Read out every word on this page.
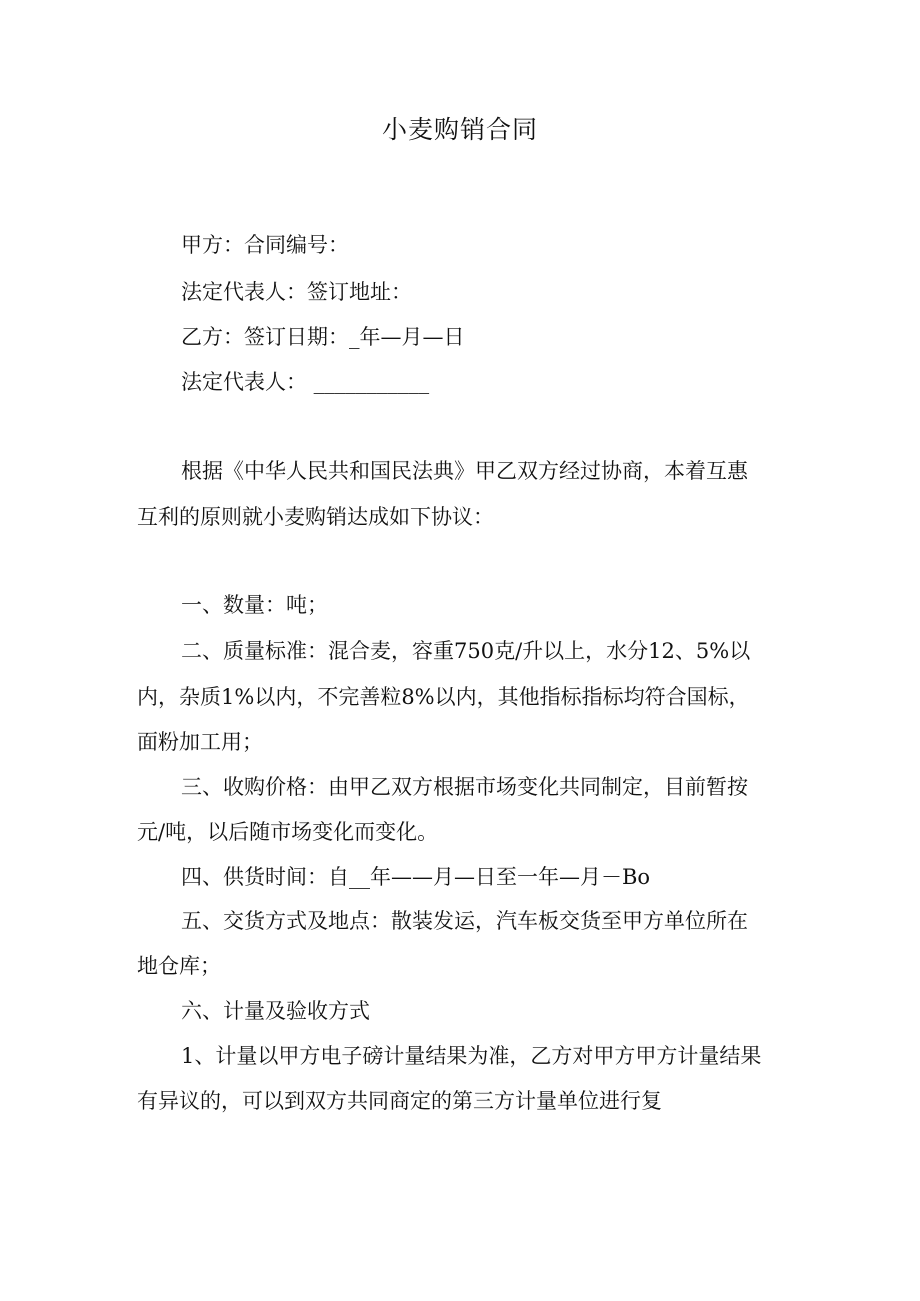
小麦购销合同
甲方：合同编号：
法定代表人：签订地址：
乙方：签订日期：_年—月—日
法定代表人： ___________
根据《中华人民共和国民法典》甲乙双方经过协商，本着互惠
互利的原则就小麦购销达成如下协议：
一、数量：吨；
二、质量标准：混合麦，容重750克/升以上，水分12、5%以
内，杂质1%以内，不完善粒8%以内，其他指标指标均符合国标，
面粉加工用；
三、收购价格：由甲乙双方根据市场变化共同制定，目前暂按
元/吨，以后随市场变化而变化。
四、供货时间：自__年——月—日至一年—月－Bo
五、交货方式及地点：散装发运，汽车板交货至甲方单位所在
地仓库；
六、计量及验收方式
1、计量以甲方电子磅计量结果为准，乙方对甲方甲方计量结果
有异议的，可以到双方共同商定的第三方计量单位进行复
